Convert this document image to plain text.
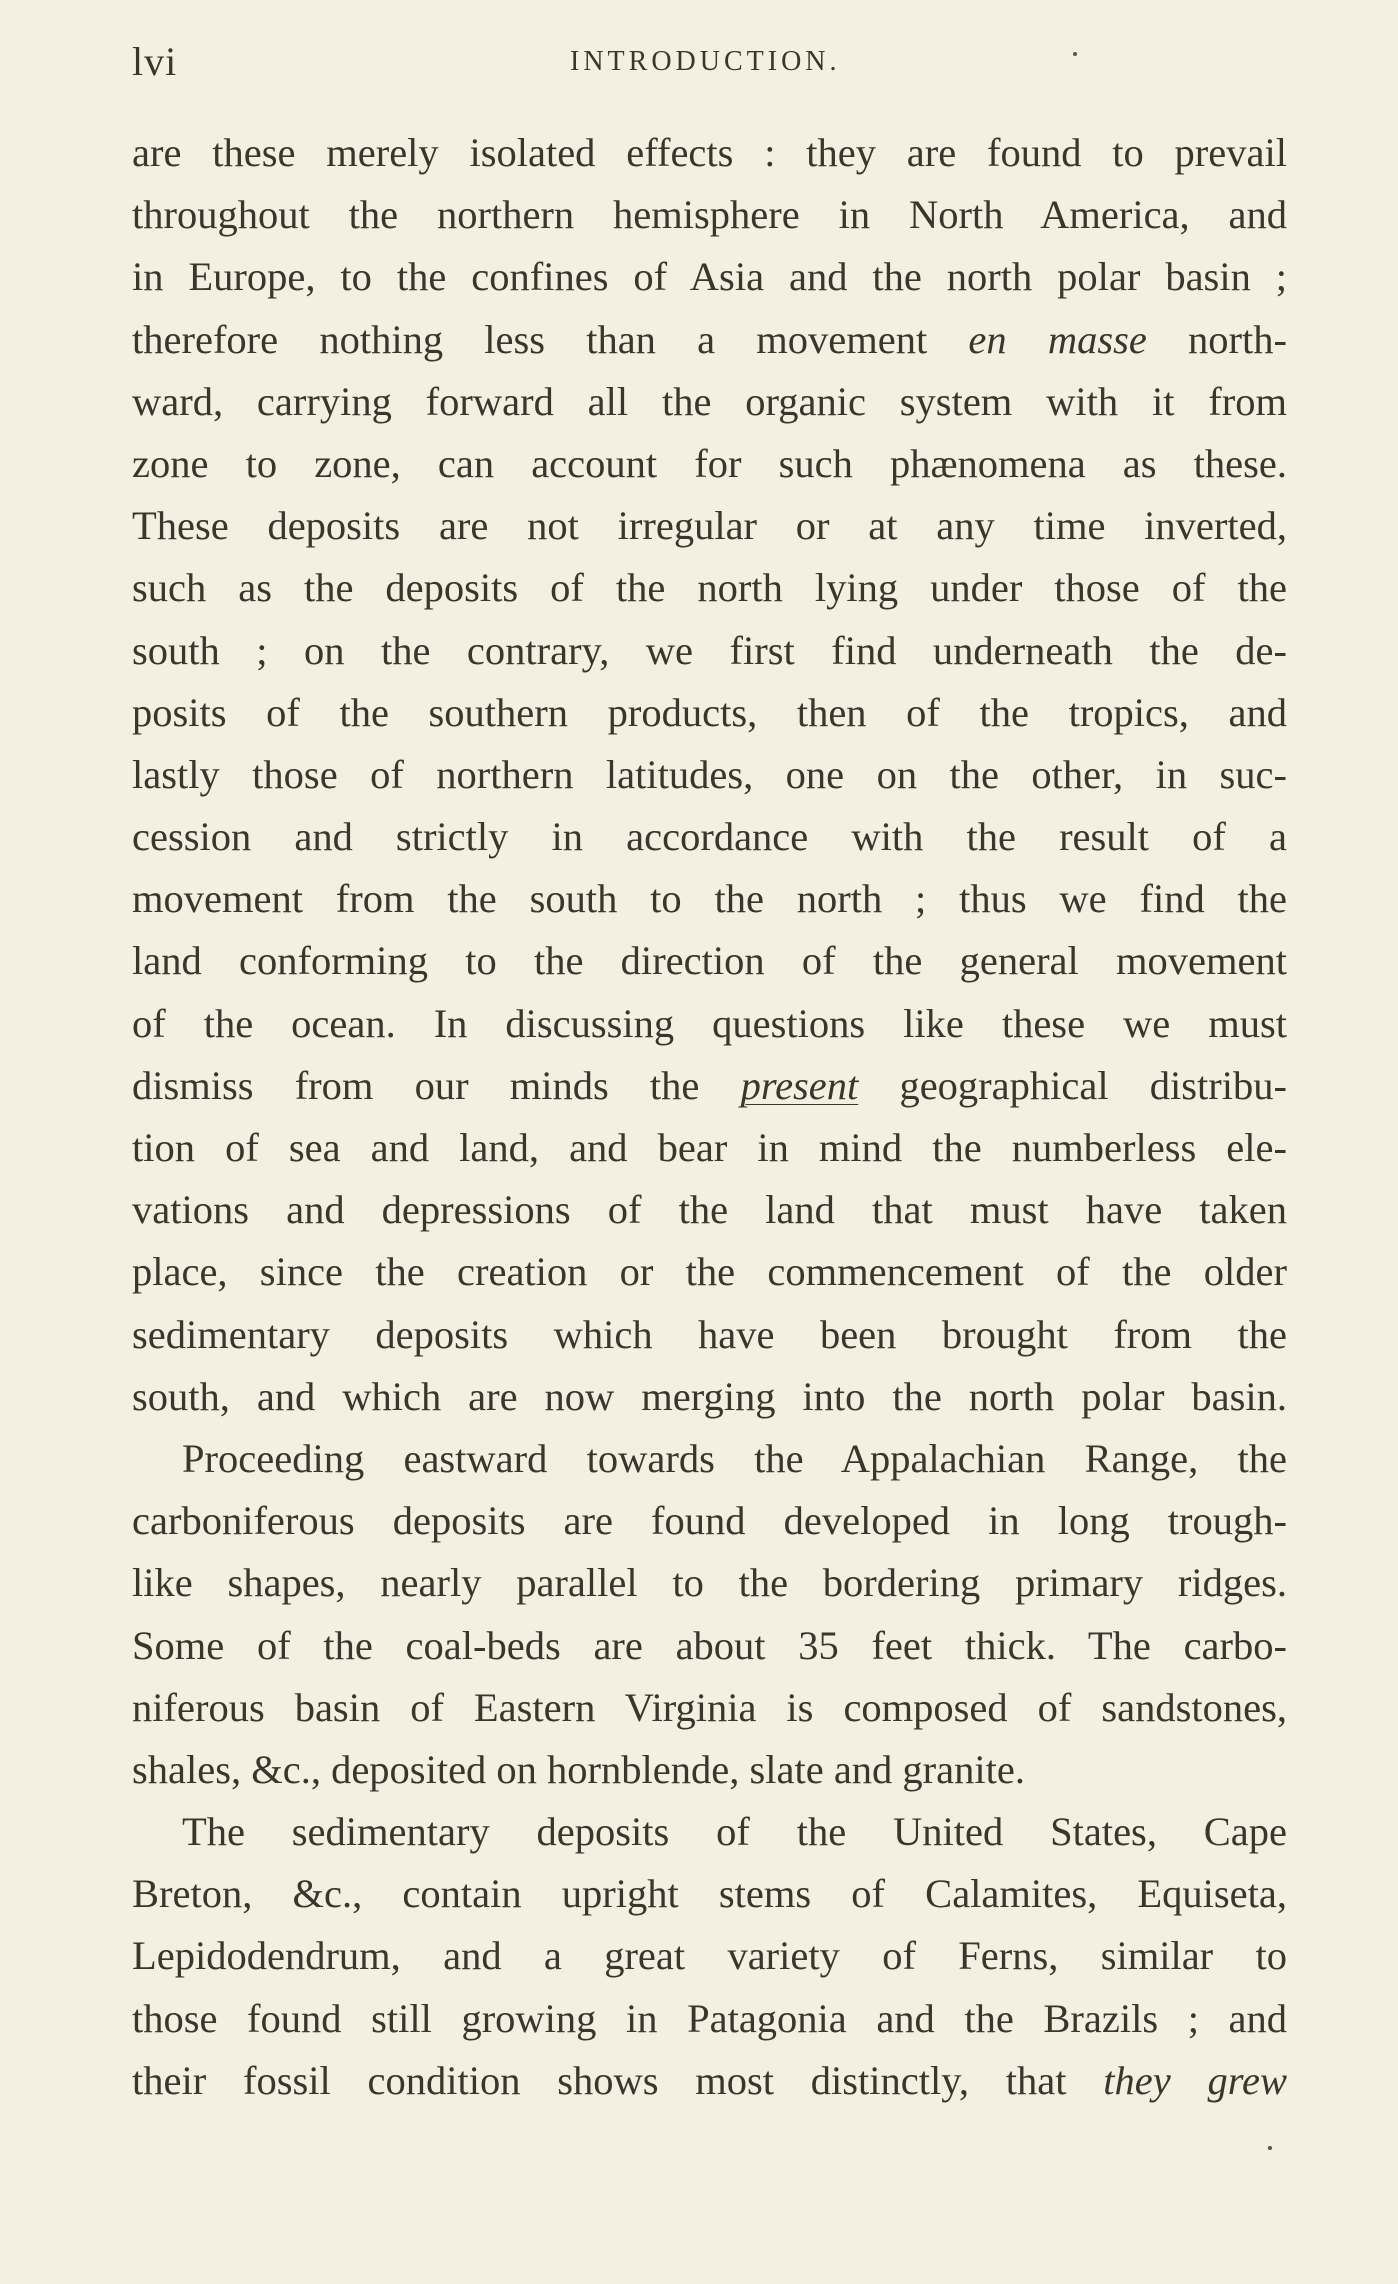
lvi	INTRODUCTION.
are these merely isolated effects : they are found to prevail
throughout the northern hemisphere in North America, and
in Europe, to the confines of Asia and the north polar basin ;
therefore nothing less than a movement en masse north-
ward, carrying forward all the organic system with it from
zone to zone, can account for such phænomena as these.
These deposits are not irregular or at any time inverted,
such as the deposits of the north lying under those of the
south ; on the contrary, we first find underneath the de-
posits of the southern products, then of the tropics, and
lastly those of northern latitudes, one on the other, in suc-
cession and strictly in accordance with the result of a
movement from the south to the north ; thus we find the
land conforming to the direction of the general movement
of the ocean. In discussing questions like these we must
dismiss from our minds the present geographical distribu-
tion of sea and land, and bear in mind the numberless ele-
vations and depressions of the land that must have taken
place, since the creation or the commencement of the older
sedimentary deposits which have been brought from the
south, and which are now merging into the north polar basin.
Proceeding eastward towards the Appalachian Range, the
carboniferous deposits are found developed in long trough-
like shapes, nearly parallel to the bordering primary ridges.
Some of the coal-beds are about 35 feet thick. The carbo-
niferous basin of Eastern Virginia is composed of sandstones,
shales, &c., deposited on hornblende, slate and granite.
The sedimentary deposits of the United States, Cape
Breton, &c., contain upright stems of Calamites, Equiseta,
Lepidodendrum, and a great variety of Ferns, similar to
those found still growing in Patagonia and the Brazils ; and
their fossil condition shows most distinctly, that they grew
